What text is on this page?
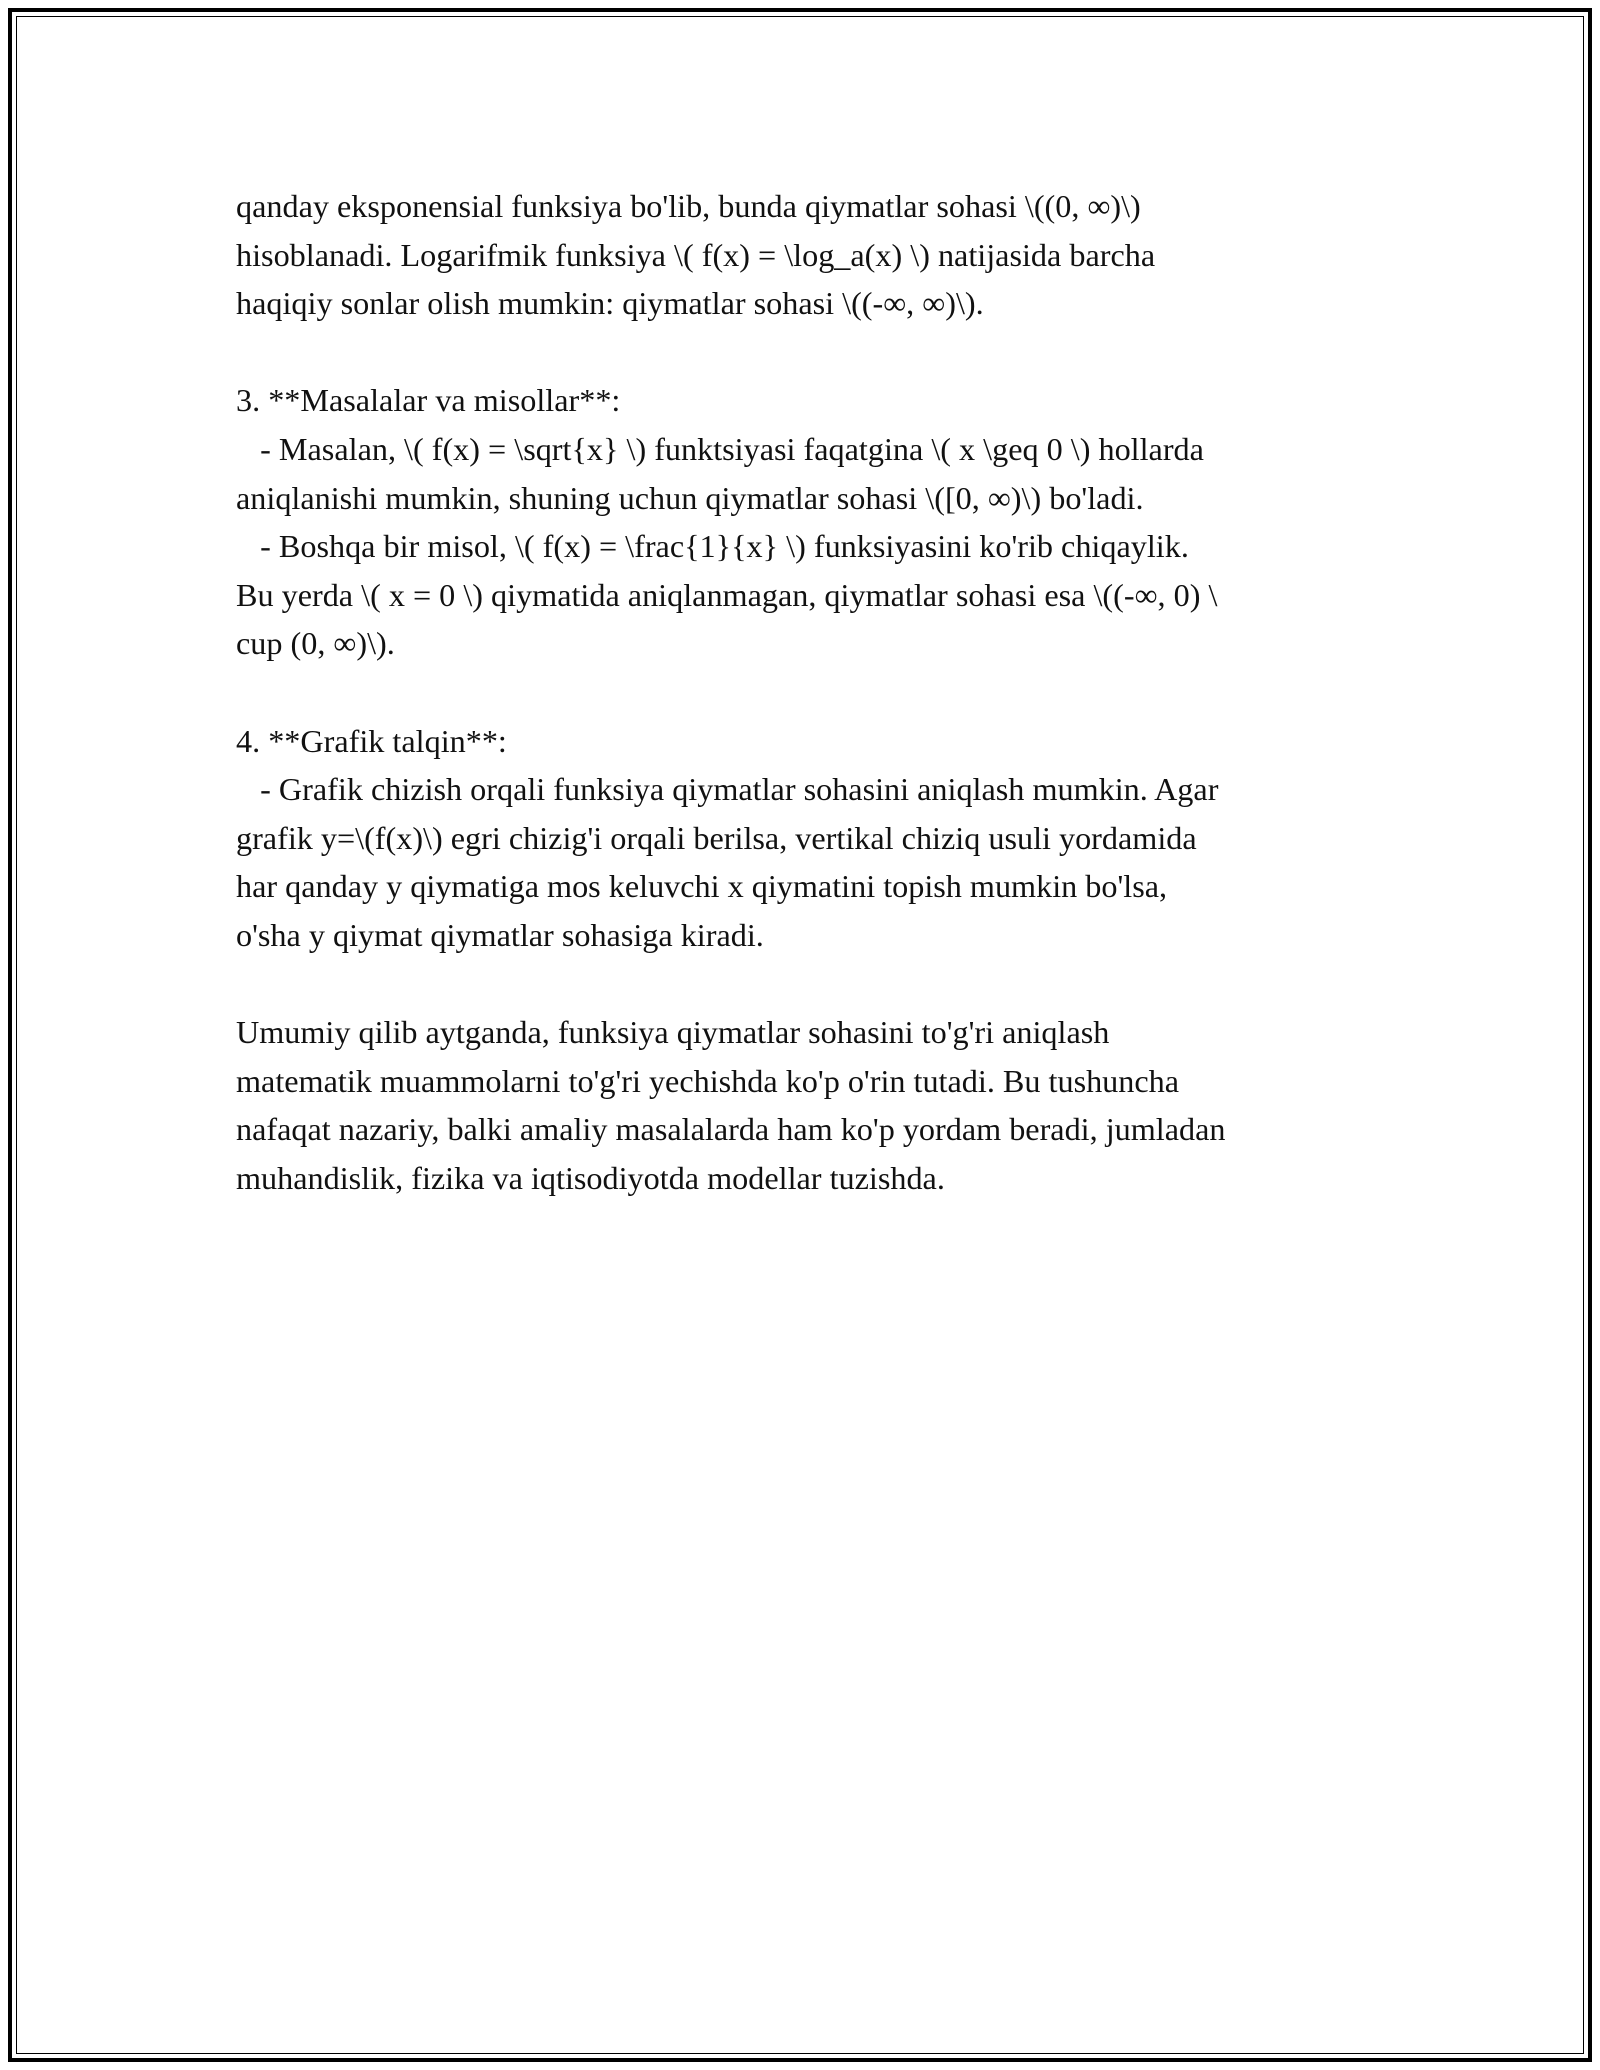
qanday eksponensial funksiya bo'lib, bunda qiymatlar sohasi \((0, ∞)\)
hisoblanadi. Logarifmik funksiya \( f(x) = \log_a(x) \) natijasida barcha
haqiqiy sonlar olish mumkin: qiymatlar sohasi \((-∞, ∞)\).
3. **Masalalar va misollar**:
- Masalan, \( f(x) = \sqrt{x} \) funktsiyasi faqatgina \( x \geq 0 \) hollarda
aniqlanishi mumkin, shuning uchun qiymatlar sohasi \([0, ∞)\) bo'ladi.
- Boshqa bir misol, \( f(x) = \frac{1}{x} \) funksiyasini ko'rib chiqaylik.
Bu yerda \( x = 0 \) qiymatida aniqlanmagan, qiymatlar sohasi esa \((-∞, 0) \
cup (0, ∞)\).
4. **Grafik talqin**:
- Grafik chizish orqali funksiya qiymatlar sohasini aniqlash mumkin. Agar
grafik y=\(f(x)\) egri chizig'i orqali berilsa, vertikal chiziq usuli yordamida
har qanday y qiymatiga mos keluvchi x qiymatini topish mumkin bo'lsa,
o'sha y qiymat qiymatlar sohasiga kiradi.
Umumiy qilib aytganda, funksiya qiymatlar sohasini to'g'ri aniqlash
matematik muammolarni to'g'ri yechishda ko'p o'rin tutadi. Bu tushuncha
nafaqat nazariy, balki amaliy masalalarda ham ko'p yordam beradi, jumladan
muhandislik, fizika va iqtisodiyotda modellar tuzishda.
